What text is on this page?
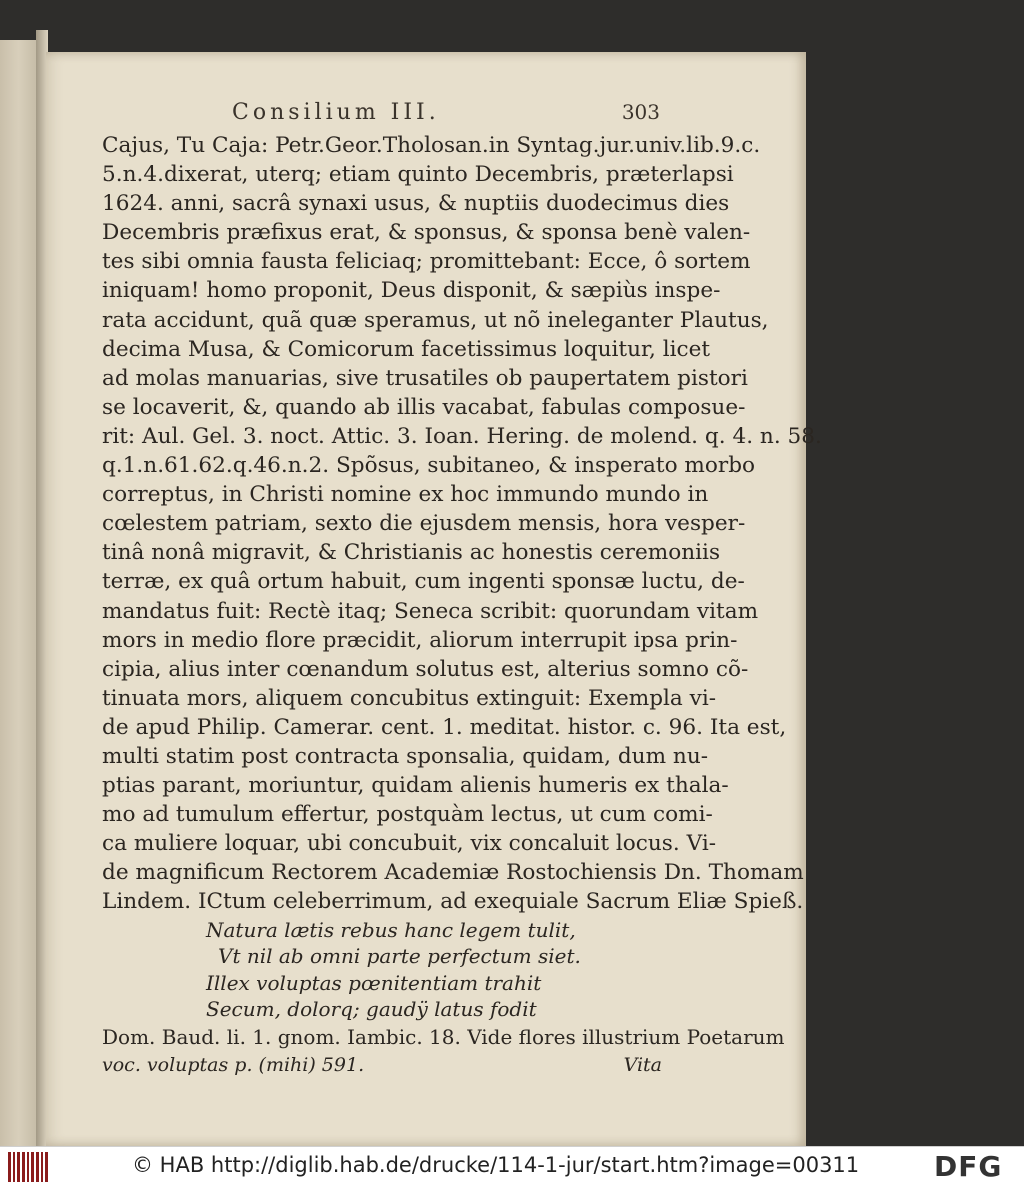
Consilium III.	303
Cajus, Tu Caja: Petr.Geor.Tholosan.in Syntag.jur.univ.lib.9.c.
5.n.4.dixerat, uterq; etiam quinto Decembris, præterlapsi
1624. anni, sacrâ synaxi usus, & nuptiis duodecimus dies
Decembris præfixus erat, & sponsus, & sponsa benè valen-
tes sibi omnia fausta feliciaq; promittebant: Ecce, ô sortem
iniquam! homo proponit, Deus disponit, & sæpiùs inspe-
rata accidunt, quã quæ speramus, ut nõ ineleganter Plautus,
decima Musa, & Comicorum facetissimus loquitur, licet
ad molas manuarias, sive trusatiles ob paupertatem pistori
se locaverit, &, quando ab illis vacabat, fabulas composue-
rit: Aul. Gel. 3. noct. Attic. 3. Ioan. Hering. de molend. q. 4. n. 58.
q.1.n.61.62.q.46.n.2. Spõsus, subitaneo, & insperato morbo
correptus, in Christi nomine ex hoc immundo mundo in
cœlestem patriam, sexto die ejusdem mensis, hora vesper-
tinâ nonâ migravit, & Christianis ac honestis ceremoniis
terræ, ex quâ ortum habuit, cum ingenti sponsæ luctu, de-
mandatus fuit: Rectè itaq; Seneca scribit: quorundam vitam
mors in medio flore præcidit, aliorum interrupit ipsa prin-
cipia, alius inter cœnandum solutus est, alterius somno cõ-
tinuata mors, aliquem concubitus extinguit: Exempla vi-
de apud Philip. Camerar. cent. 1. meditat. histor. c. 96. Ita est,
multi statim post contracta sponsalia, quidam, dum nu-
ptias parant, moriuntur, quidam alienis humeris ex thala-
mo ad tumulum effertur, postquàm lectus, ut cum comi-
ca muliere loquar, ubi concubuit, vix concaluit locus. Vi-
de magnificum Rectorem Academiæ Rostochiensis Dn. Thomam
Lindem. ICtum celeberrimum, ad exequiale Sacrum Eliæ Spieß.
Natura lætis rebus hanc legem tulit,
Vt nil ab omni parte perfectum siet.
Illex voluptas pœnitentiam trahit
Secum, dolorq; gaudÿ latus fodit
Dom. Baud. li. 1. gnom. Iambic. 18. Vide flores illustrium Poetarum
voc. voluptas p. (mihi) 591.	Vita
© HAB http://diglib.hab.de/drucke/114-1-jur/start.htm?image=00311	DFG
